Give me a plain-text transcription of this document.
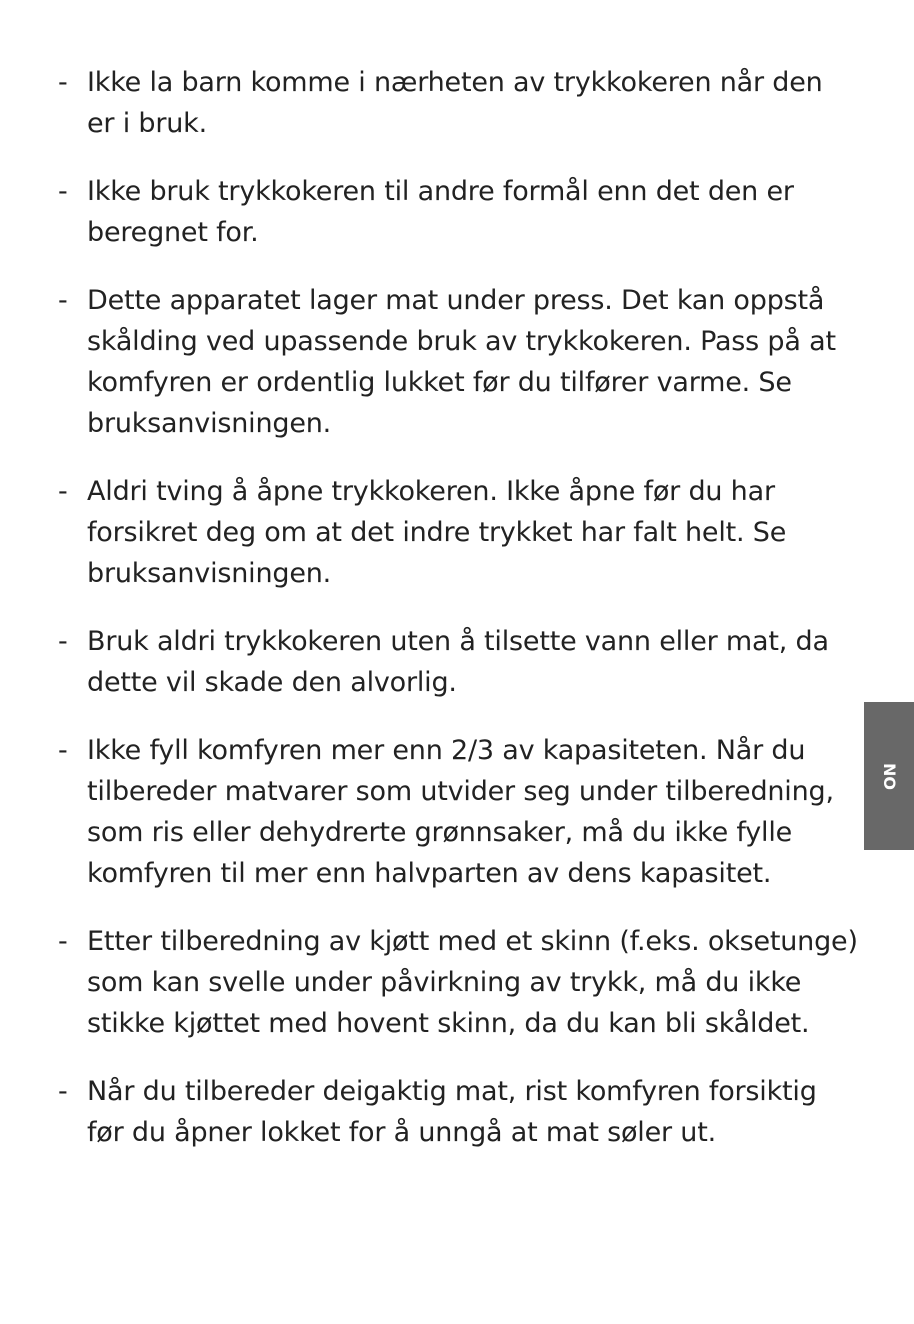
- Ikke la barn komme i nærheten av trykkokeren når den er i bruk.
- Ikke bruk trykkokeren til andre formål enn det den er beregnet for.
- Dette apparatet lager mat under press. Det kan oppstå skålding ved upassende bruk av trykkokeren. Pass på at komfyren er ordentlig lukket før du tilfører varme. Se bruksanvisningen.
- Aldri tving å åpne trykkokeren. Ikke åpne før du har forsikret deg om at det indre trykket har falt helt. Se bruksanvisningen.
- Bruk aldri trykkokeren uten å tilsette vann eller mat, da dette vil skade den alvorlig.
- Ikke fyll komfyren mer enn 2/3 av kapasiteten. Når du tilbereder matvarer som utvider seg under tilberedning, som ris eller dehydrerte grønnsaker, må du ikke fylle komfyren til mer enn halvparten av dens kapasitet.
- Etter tilberedning av kjøtt med et skinn (f.eks. oksetunge) som kan svelle under påvirkning av trykk, må du ikke stikke kjøttet med hovent skinn, da du kan bli skåldet.
- Når du tilbereder deigaktig mat, rist komfyren forsiktig før du åpner lokket for å unngå at mat søler ut.
NO
